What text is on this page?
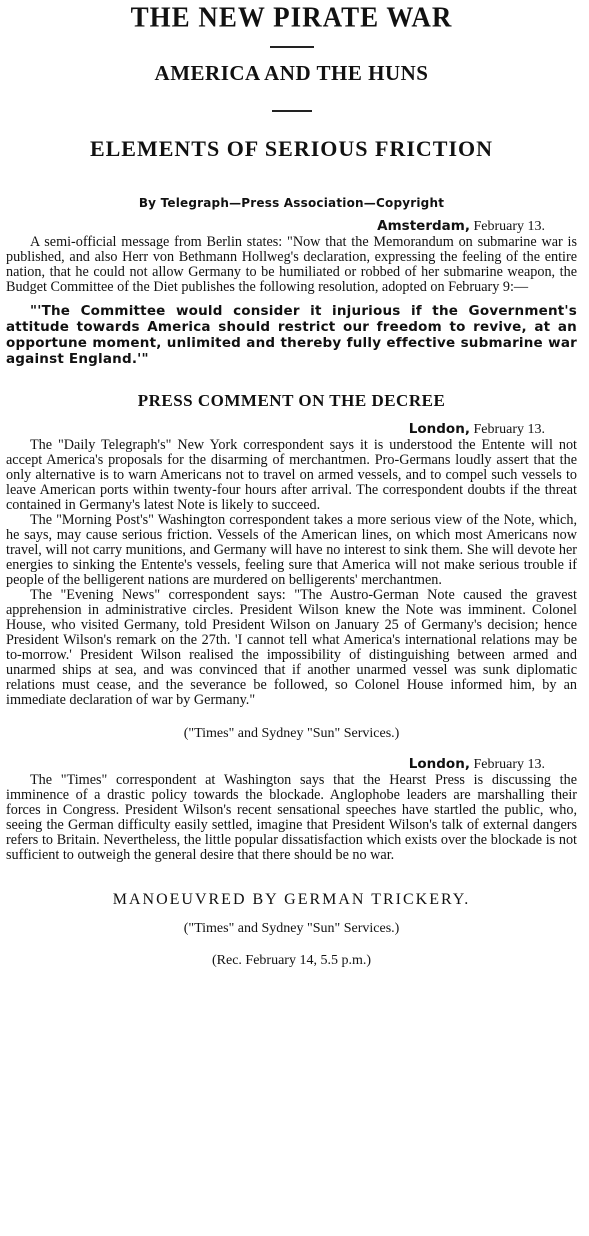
THE NEW PIRATE WAR
AMERICA AND THE HUNS
ELEMENTS OF SERIOUS FRICTION
By Telegraph—Press Association—Copyright
Amsterdam, February 13.

A semi-official message from Berlin states: "Now that the Memorandum on submarine war is published, and also Herr von Bethmann Hollweg's declaration, expressing the feeling of the entire nation, that he could not allow Germany to be humiliated or robbed of her submarine weapon, the Budget Committee of the Diet publishes the following resolution, adopted on February 9:—

"'The Committee would consider it injurious if the Government's attitude towards America should restrict our freedom to revive, at an opportune moment, unlimited and thereby fully effective submarine war against England.'"

PRESS COMMENT ON THE DECREE
London, February 13.

The "Daily Telegraph's" New York correspondent says it is understood the Entente will not accept America's proposals for the disarming of merchantmen. Pro-Germans loudly assert that the only alternative is to warn Americans not to travel on armed vessels, and to compel such vessels to leave American ports within twenty-four hours after arrival. The correspondent doubts if the threat contained in Germany's latest Note is likely to succeed.

The "Morning Post's" Washington correspondent takes a more serious view of the Note, which, he says, may cause serious friction. Vessels of the American lines, on which most Americans now travel, will not carry munitions, and Germany will have no interest to sink them. She will devote her energies to sinking the Entente's vessels, feeling sure that America will not make serious trouble if people of the belligerent nations are murdered on belligerents' merchantmen.

The "Evening News" correspondent says: "The Austro-German Note caused the gravest apprehension in administrative circles. President Wilson knew the Note was imminent. Colonel House, who visited Germany, told President Wilson on January 25 of Germany's decision; hence President Wilson's remark on the 27th. 'I cannot tell what America's international relations may be to-morrow.' President Wilson realised the impossibility of distinguishing between armed and unarmed ships at sea, and was convinced that if another unarmed vessel was sunk diplomatic relations must cease, and the severance be followed, so Colonel House informed him, by an immediate declaration of war by Germany."

("Times" and Sydney "Sun" Services.)
London, February 13.

The "Times" correspondent at Washington says that the Hearst Press is discussing the imminence of a drastic policy towards the blockade. Anglophobe leaders are marshalling their forces in Congress. President Wilson's recent sensational speeches have startled the public, who, seeing the German difficulty easily settled, imagine that President Wilson's talk of external dangers refers to Britain. Nevertheless, the little popular dissatisfaction which exists over the blockade is not sufficient to outweigh the general desire that there should be no war.

MANOEUVRED BY GERMAN TRICKERY.
("Times" and Sydney "Sun" Services.)
(Rec. February 14, 5.5 p.m.)
